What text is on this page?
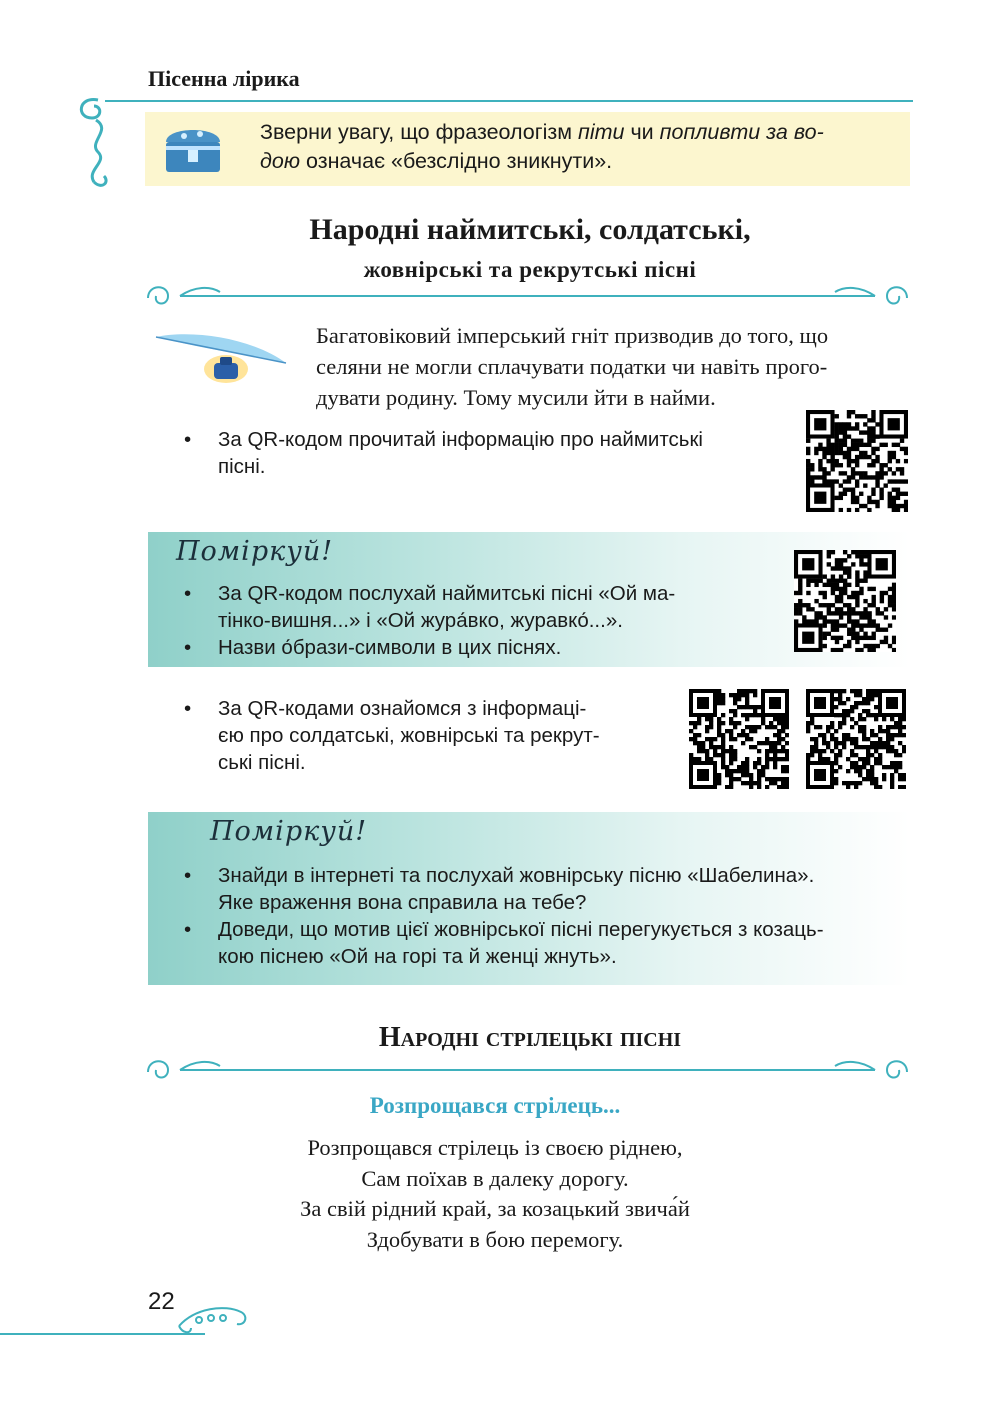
Пісенна лірика
Зверни увагу, що фразеологізм піти чи попливти за во-
дою означає «безслідно зникнути».
Народні наймитські, солдатські,
жовнірські та рекрутські пісні
Багатовіковий імперський гніт призводив до того, що
селяни не могли сплачувати податки чи навіть прого-
дувати родину. Тому мусили йти в найми.
• За QR-кодом прочитай інформацію про наймитські
пісні.
Поміркуй!
• За QR-кодом послухай наймитські пісні «Ой ма-
тінко-вишня...» і «Ой жура́вко, журавко́...».
• Назви о́брази-символи в цих піснях.
• За QR-кодами ознайомся з інформаці-
єю про солдатські, жовнірські та рекрут-
ські пісні.
Поміркуй!
• Знайди в інтернеті та послухай жовнірську пісню «Шабелина».
Яке враження вона справила на тебе?
• Доведи, що мотив цієї жовнірської пісні перегукується з козаць-
кою піснею «Ой на горі та й женці жнуть».
Народні стрілецькі пісні
Розпрощався стрілець...
Розпрощався стрілець із своєю ріднею,
Сам поїхав в далеку дорогу.
За свій рідний край, за козацький звича́й
Здобувати в бою перемогу.
22
